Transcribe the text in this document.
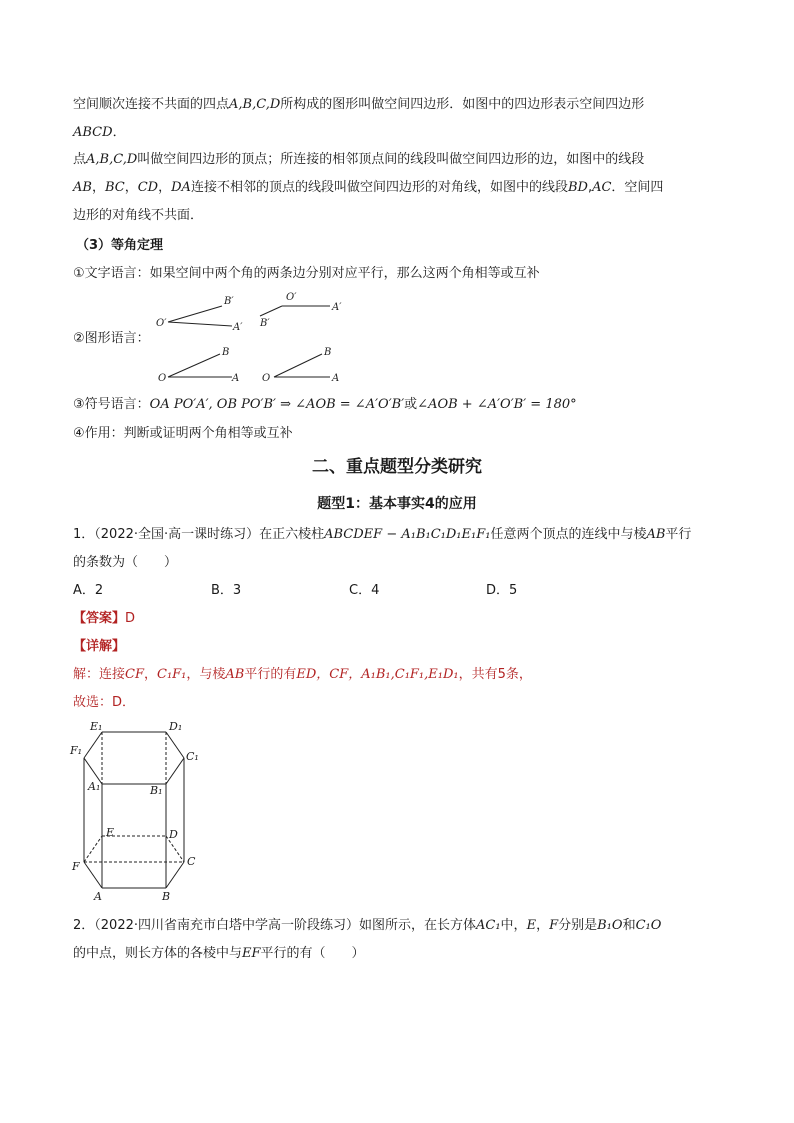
空间顺次连接不共面的四点A,B,C,D所构成的图形叫做空间四边形．如图中的四边形表示空间四边形
ABCD．
点A,B,C,D叫做空间四边形的顶点；所连接的相邻顶点间的线段叫做空间四边形的边，如图中的线段
AB，BC，CD，DA连接不相邻的顶点的线段叫做空间四边形的对角线，如图中的线段BD,AC．空间四
边形的对角线不共面．
（3）等角定理
①文字语言：如果空间中两个角的两条边分别对应平行，那么这两个角相等或互补
②图形语言：
O′	A′
B′
B′
O′
A′
O	A
B
O	A
B
③符号语言：OA PO′A′, OB PO′B′ ⇒ ∠AOB = ∠A′O′B′或∠AOB + ∠A′O′B′ = 180°
④作用：判断或证明两个角相等或互补
二、重点题型分类研究
题型1：基本事实4的应用
1．（2022·全国·高一课时练习）在正六棱柱ABCDEF − A₁B₁C₁D₁E₁F₁任意两个顶点的连线中与棱AB平行
的条数为（　　）
A．2	B．3	C．4	D．5
【答案】D
【详解】
解：连接CF，C₁F₁，与棱AB平行的有ED，CF，A₁B₁,C₁F₁,E₁D₁，共有5条，
故选：D．
E₁	D₁
F₁	C₁
A₁	B₁
E	D
F	C
A	B
2．（2022·四川省南充市白塔中学高一阶段练习）如图所示，在长方体AC₁中，E，F分别是B₁O和C₁O
的中点，则长方体的各棱中与EF平行的有（　　）
